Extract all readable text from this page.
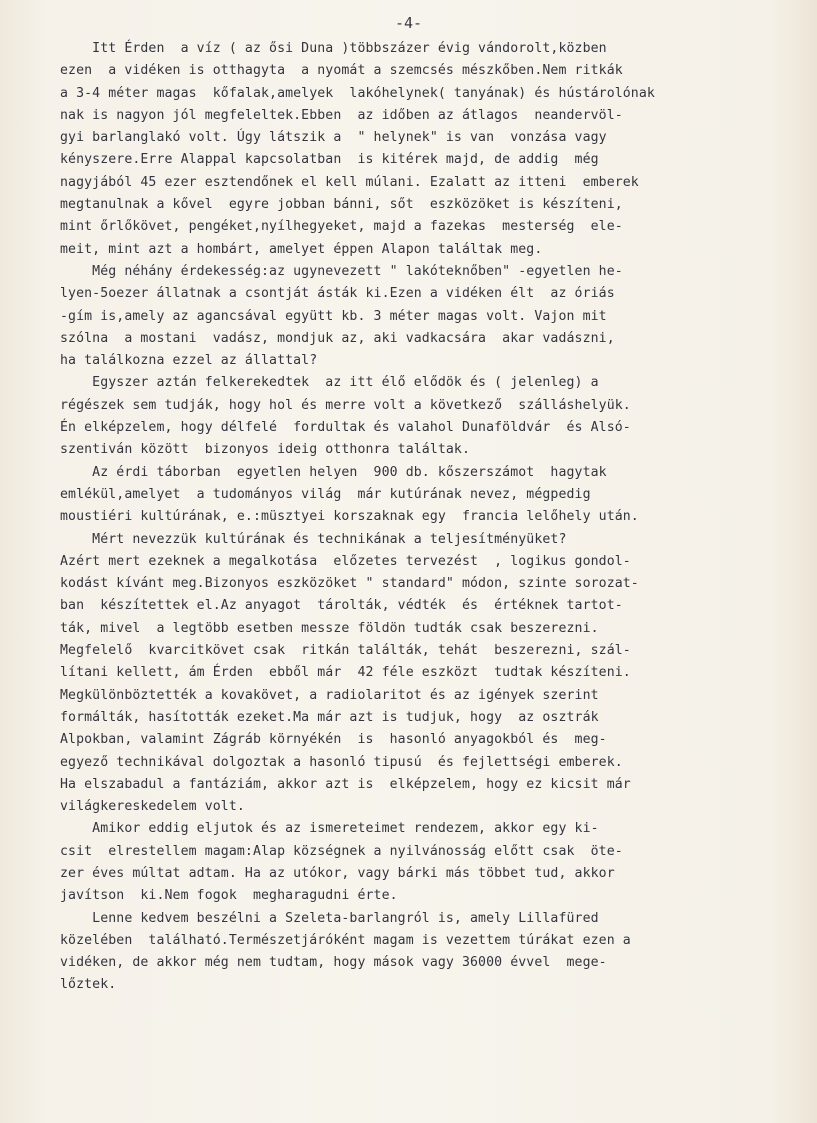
-4-
Itt Érden  a víz ( az ősi Duna )többszázer évig vándorolt,közben
ezen  a vidéken is otthagyta  a nyomát a szemcsés mészkőben.Nem ritkák
a 3-4 méter magas  kőfalak,amelyek  lakóhelynek( tanyának) és hústárolónak
nak is nagyon jól megfeleltek.Ebben  az időben az átlagos  neandervöl-
gyi barlanglakó volt. Úgy látszik a  " helynek" is van  vonzása vagy
kényszere.Erre Alappal kapcsolatban  is kitérek majd, de addig  még
nagyjából 45 ezer esztendőnek el kell múlani. Ezalatt az itteni  emberek
megtanulnak a kővel  egyre jobban bánni, sőt  eszközöket is készíteni,
mint őrlőkövet, pengéket,nyílhegyeket, majd a fazekas  mesterség  ele-
meit, mint azt a hombárt, amelyet éppen Alapon találtak meg.
Még néhány érdekesség:az ugynevezett " lakóteknőben" -egyetlen he-
lyen-5oezer állatnak a csontját ásták ki.Ezen a vidéken élt  az óriás
-gím is,amely az agancsával együtt kb. 3 méter magas volt. Vajon mit
szólna  a mostani  vadász, mondjuk az, aki vadkacsára  akar vadászni,
ha találkozna ezzel az állattal?
Egyszer aztán felkerekedtek  az itt élő elődök és ( jelenleg) a
régészek sem tudják, hogy hol és merre volt a következő  szálláshelyük.
Én elképzelem, hogy délfelé  fordultak és valahol Dunaföldvár  és Alsó-
szentiván között  bizonyos ideig otthonra találtak.
Az érdi táborban  egyetlen helyen  900 db. kőszerszámot  hagytak
emlékül,amelyet  a tudományos világ  már kutúrának nevez, mégpedig
moustiéri kultúrának, e.:müsztyei korszaknak egy  francia lelőhely után.
Mért nevezzük kultúrának és technikának a teljesítményüket?
Azért mert ezeknek a megalkotása  előzetes tervezést  , logikus gondol-
kodást kívánt meg.Bizonyos eszközöket " standard" módon, szinte sorozat-
ban  készítettek el.Az anyagot  tárolták, védték  és  értéknek tartot-
ták, mivel  a legtöbb esetben messze földön tudták csak beszerezni.
Megfelelő  kvarcitkövet csak  ritkán találták, tehát  beszerezni, szál-
lítani kellett, ám Érden  ebből már  42 féle eszközt  tudtak készíteni.
Megkülönböztették a kovakövet, a radiolaritot és az igények szerint
formálták, hasították ezeket.Ma már azt is tudjuk, hogy  az osztrák
Alpokban, valamint Zágráb környékén  is  hasonló anyagokból és  meg-
egyező technikával dolgoztak a hasonló tipusú  és fejlettségi emberek.
Ha elszabadul a fantáziám, akkor azt is  elképzelem, hogy ez kicsit már
világkereskedelem volt.
Amikor eddig eljutok és az ismereteimet rendezem, akkor egy ki-
csit  elrestellem magam:Alap községnek a nyilvánosság előtt csak  öte-
zer éves múltat adtam. Ha az utókor, vagy bárki más többet tud, akkor
javítson  ki.Nem fogok  megharagudni érte.
Lenne kedvem beszélni a Szeleta-barlangról is, amely Lillafüred
közelében  található.Természetjáróként magam is vezettem túrákat ezen a
vidéken, de akkor még nem tudtam, hogy mások vagy 36000 évvel  mege-
lőztek.
